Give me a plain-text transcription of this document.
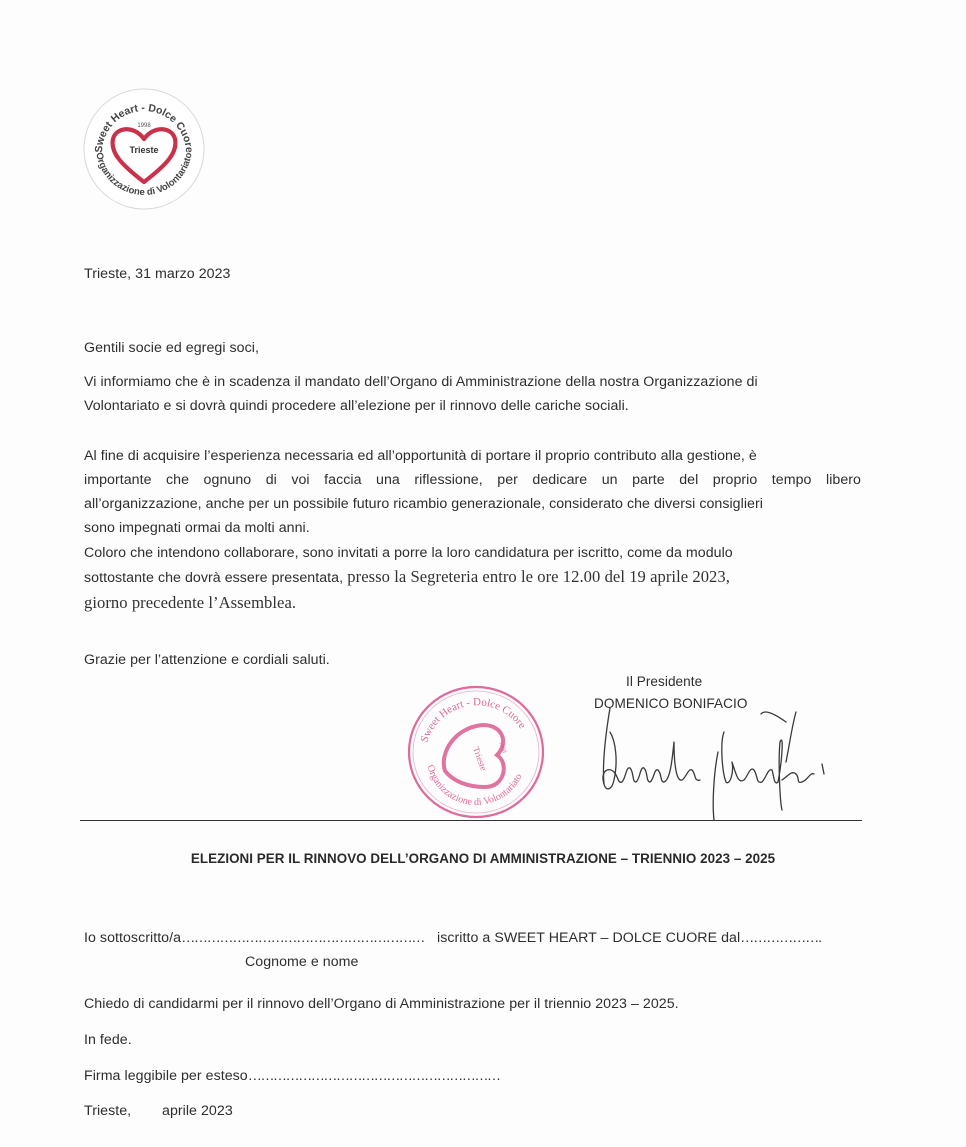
Sweet Heart - Dolce Cuore
1998
Trieste
Organizzazione di Volontariato
Trieste, 31 marzo 2023
Gentili socie ed egregi soci,
Vi informiamo che è in scadenza il mandato dell’Organo di Amministrazione della nostra Organizzazione di
Volontariato e si dovrà quindi procedere all’elezione per il rinnovo delle cariche sociali.
Al fine di acquisire l’esperienza necessaria ed all’opportunità di portare il proprio contributo alla gestione, è
importante che ognuno di voi faccia una riflessione, per dedicare un parte del proprio tempo libero
all’organizzazione, anche per un possibile futuro ricambio generazionale, considerato che diversi consiglieri
sono impegnati ormai da molti anni.
Coloro che intendono collaborare, sono invitati a porre la loro candidatura per iscritto, come da modulo
sottostante che dovrà essere presentata, presso la Segreteria entro le ore 12.00 del 19 aprile 2023,
giorno precedente l’Assemblea.
Grazie per l’attenzione e cordiali saluti.
Sweet Heart - Dolce Cuore
Trieste 1998
Organizzazione di Volontariato
Il Presidente
DOMENICO BONIFACIO
ELEZIONI PER IL RINNOVO DELL’ORGANO DI AMMINISTRAZIONE – TRIENNIO 2023 – 2025
Io sottoscritto/a………………………………………………… iscritto a SWEET HEART – DOLCE CUORE dal……………….
Cognome e nome
Chiedo di candidarmi per il rinnovo dell’Organo di Amministrazione per il triennio 2023 – 2025.
In fede.
Firma leggibile per esteso……………………………………………………
Trieste, aprile 2023
